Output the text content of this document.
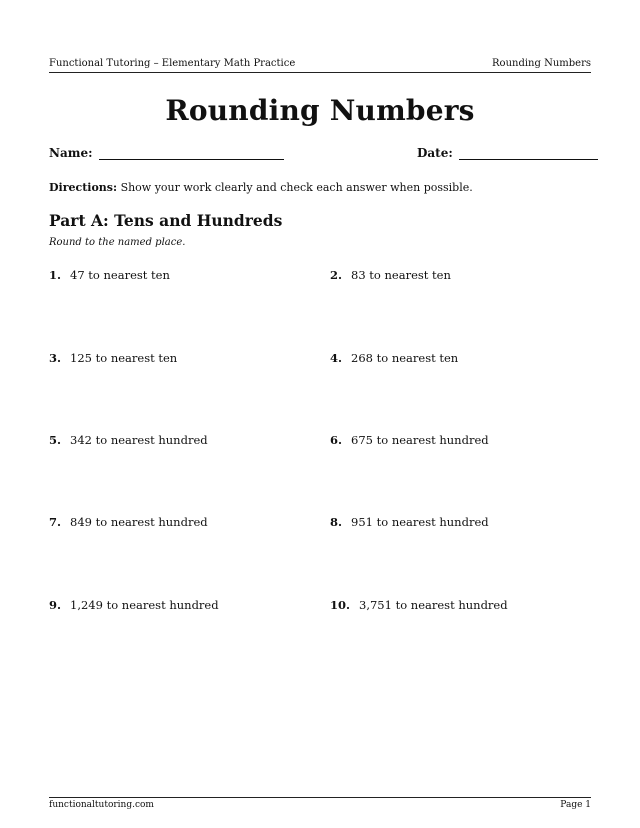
Functional Tutoring – Elementary Math Practice	Rounding Numbers
Rounding Numbers
Name:	Date:
Directions: Show your work clearly and check each answer when possible.
Part A: Tens and Hundreds
Round to the named place.
1. 47 to nearest ten	2. 83 to nearest ten
3. 125 to nearest ten	4. 268 to nearest ten
5. 342 to nearest hundred	6. 675 to nearest hundred
7. 849 to nearest hundred	8. 951 to nearest hundred
9. 1,249 to nearest hundred	10. 3,751 to nearest hundred
functionaltutoring.com	Page 1
